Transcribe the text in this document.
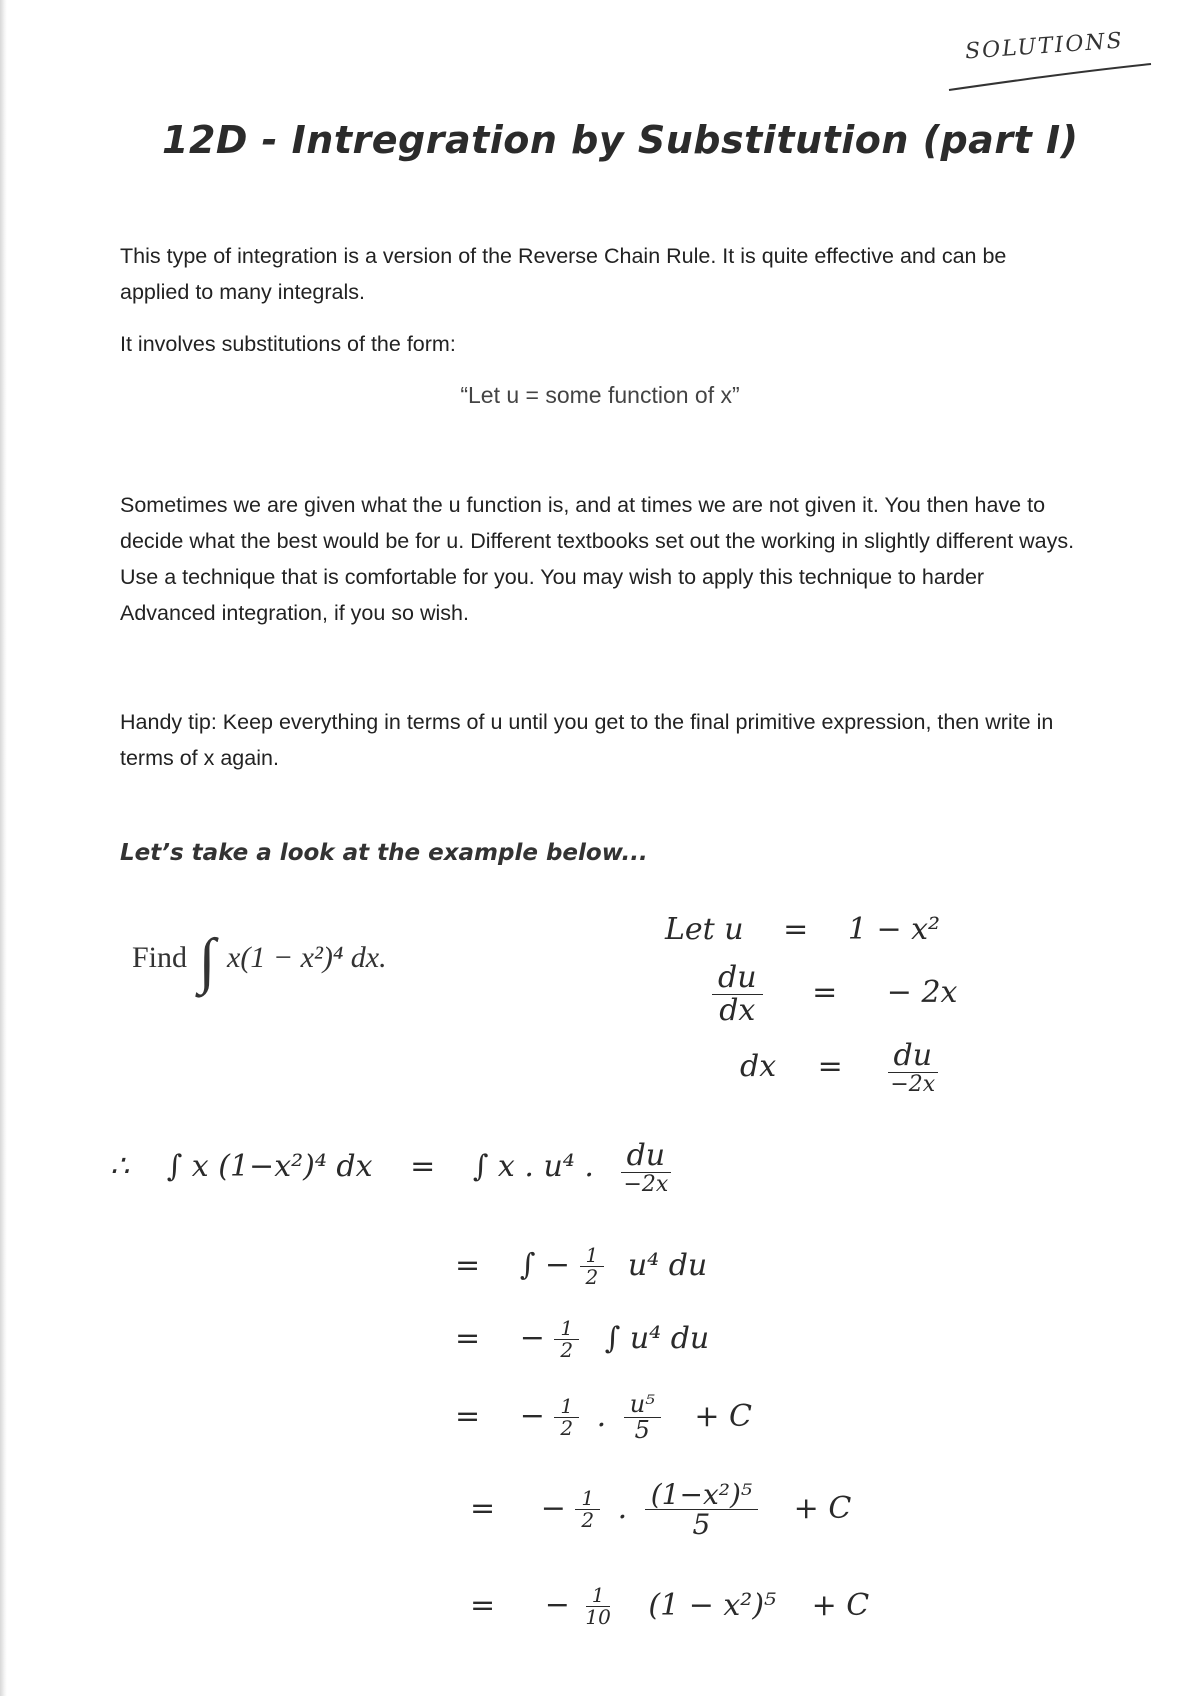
SOLUTIONS
12D - Intregration by Substitution (part I)

This type of integration is a version of the Reverse Chain Rule. It is quite effective and can be applied to many integrals.

It involves substitutions of the form:

“Let u = some function of x”

Sometimes we are given what the u function is, and at times we are not given it. You then have to decide what the best would be for u. Different textbooks set out the working in slightly different ways. Use a technique that is comfortable for you. You may wish to apply this technique to harder Advanced integration, if you so wish.

Handy tip: Keep everything in terms of u until you get to the final primitive expression, then write in terms of x again.

Let’s take a look at the example below...

Find ∫ x(1 − x²)⁴ dx.
Let u = 1 − x²
$\frac{du}{dx}$ = − 2x
dx = $\frac{du}{-2x}$
∴ ∫ x (1−x²)⁴ dx = ∫ x . u⁴ . $\frac{du}{-2x}$
= ∫ − $\frac{1}{2} u^4$ du
= − $\frac{1}{2}$ ∫ u⁴ du
= − $\frac{1}{2}$ . $\frac{\text{u⁵}}{5} + C$
= − $\frac{1}{2}$ . $\frac{\text{(1−x²)⁵}}{5} + C$
= − $\frac{1}{10} (1 - x^2)^5 + C$
